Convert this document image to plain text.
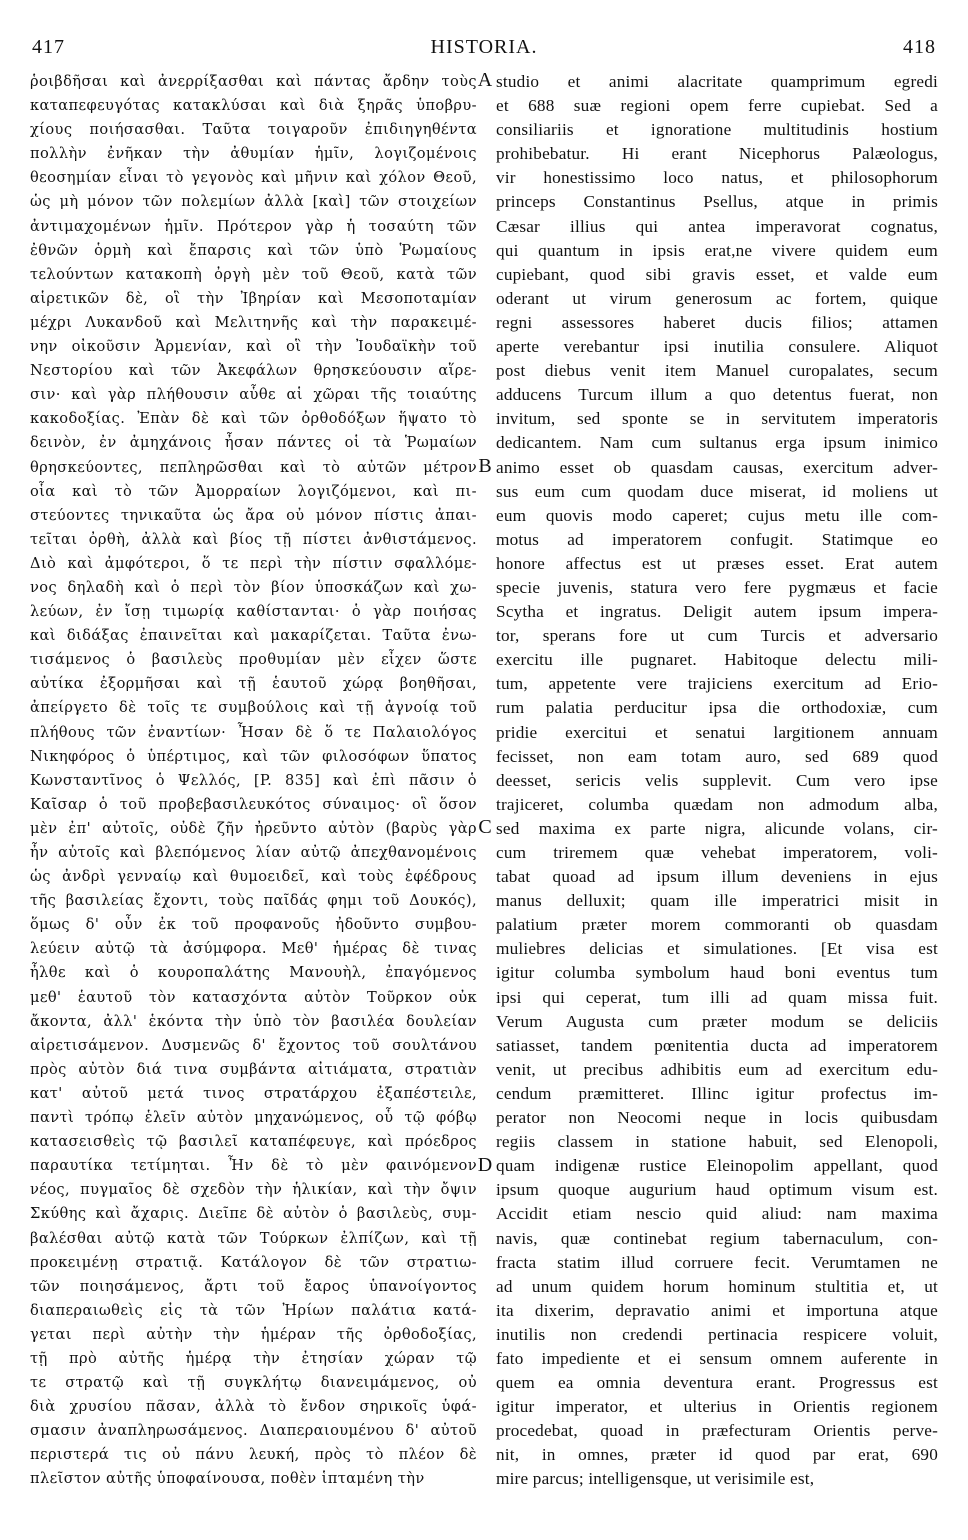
417	HISTORIA.	418
ῥοιβδῆσαι καὶ ἀνερρίξασθαι καὶ πάντας ἄρδην τοὺς
καταπεφευγότας κατακλύσαι καὶ διὰ ξηρᾶς ὑποβρυ-
χίους ποιήσασθαι. Ταῦτα τοιγαροῦν ἐπιδιηγηθέντα
πολλὴν ἐνῆκαν τὴν ἀθυμίαν ἡμῖν, λογιζομένοις
θεοσημίαν εἶναι τὸ γεγονὸς καὶ μῆνιν καὶ χόλον Θεοῦ,
ὡς μὴ μόνον τῶν πολεμίων ἀλλὰ [καὶ] τῶν στοιχείων
ἀντιμαχομένων ἡμῖν. Πρότερον γὰρ ἡ τοσαύτη τῶν
ἐθνῶν ὁρμὴ καὶ ἔπαρσις καὶ τῶν ὑπὸ Ῥωμαίους
τελούντων κατακοπὴ ὀργὴ μὲν τοῦ Θεοῦ, κατὰ τῶν
αἱρετικῶν δὲ, οἳ τὴν Ἰβηρίαν καὶ Μεσοποταμίαν
μέχρι Λυκανδοῦ καὶ Μελιτηνῆς καὶ τὴν παρακειμέ-
νην οἰκοῦσιν Ἀρμενίαν, καὶ οἳ τὴν Ἰουδαϊκὴν τοῦ
Νεστορίου καὶ τῶν Ἀκεφάλων θρησκεύουσιν αἵρε-
σιν· καὶ γὰρ πλήθουσιν αὗθε αἱ χῶραι τῆς τοιαύτης
κακοδοξίας. Ἐπὰν δὲ καὶ τῶν ὀρθοδόξων ἥψατο τὸ
δεινὸν, ἐν ἀμηχάνοις ἦσαν πάντες οἱ τὰ Ῥωμαίων
θρησκεύοντες, πεπληρῶσθαι καὶ τὸ αὐτῶν μέτρον
οἷα καὶ τὸ τῶν Ἀμορραίων λογιζόμενοι, καὶ πι-
στεύοντες τηνικαῦτα ὡς ἄρα οὐ μόνον πίστις ἀπαι-
τεῖται ὀρθὴ, ἀλλὰ καὶ βίος τῇ πίστει ἀνθιστάμενος.
Διὸ καὶ ἀμφότεροι, ὅ τε περὶ τὴν πίστιν σφαλλόμε-
νος δηλαδὴ καὶ ὁ περὶ τὸν βίον ὑποσκάζων καὶ χω-
λεύων, ἐν ἴσῃ τιμωρίᾳ καθίστανται· ὁ γὰρ ποιήσας
καὶ διδάξας ἐπαινεῖται καὶ μακαρίζεται. Ταῦτα ἐνω-
τισάμενος ὁ βασιλεὺς προθυμίαν μὲν εἶχεν ὥστε
αὐτίκα ἐξορμῆσαι καὶ τῇ ἑαυτοῦ χώρᾳ βοηθῆσαι,
ἀπείργετο δὲ τοῖς τε συμβούλοις καὶ τῇ ἀγνοίᾳ τοῦ
πλήθους τῶν ἐναντίων· Ἦσαν δὲ ὅ τε Παλαιολόγος
Νικηφόρος ὁ ὑπέρτιμος, καὶ τῶν φιλοσόφων ὕπατος
Κωνσταντῖνος ὁ Ψελλός, [P. 835] καὶ ἐπὶ πᾶσιν ὁ
Καῖσαρ ὁ τοῦ προβεβασιλευκότος σύναιμος· οἳ ὅσον
μὲν ἐπ' αὐτοῖς, οὐδὲ ζῆν ἠρεῦντο αὐτὸν (βαρὺς γὰρ
ἦν αὐτοῖς καὶ βλεπόμενος λίαν αὐτῷ ἀπεχθανομένοις
ὡς ἀνδρὶ γενναίῳ καὶ θυμοειδεῖ, καὶ τοὺς ἐφέδρους
τῆς βασιλείας ἔχοντι, τοὺς παῖδάς φημι τοῦ Δουκός),
ὅμως δ' οὖν ἐκ τοῦ προφανοῦς ἠδοῦντο συμβου-
λεύειν αὐτῷ τὰ ἀσύμφορα. Μεθ' ἡμέρας δὲ τινας
ἦλθε καὶ ὁ κουροπαλάτης Μανουὴλ, ἐπαγόμενος
μεθ' ἑαυτοῦ τὸν κατασχόντα αὐτὸν Τοῦρκον οὐκ
ἄκοντα, ἀλλ' ἑκόντα τὴν ὑπὸ τὸν βασιλέα δουλείαν
αἱρετισάμενον. Δυσμενῶς δ' ἔχοντος τοῦ σουλτάνου
πρὸς αὐτὸν διά τινα συμβάντα αἰτιάματα, στρατιὰν
κατ' αὐτοῦ μετά τινος στρατάρχου ἐξαπέστειλε,
παντὶ τρόπῳ ἑλεῖν αὐτὸν μηχανώμενος, οὗ τῷ φόβῳ
κατασεισθεὶς τῷ βασιλεῖ καταπέφευγε, καὶ πρόεδρος
παραυτίκα τετίμηται. Ἦν δὲ τὸ μὲν φαινόμενον
νέος, πυγμαῖος δὲ σχεδὸν τὴν ἡλικίαν, καὶ τὴν ὄψιν
Σκύθης καὶ ἄχαρις. Διεῖπε δὲ αὐτὸν ὁ βασιλεὺς, συμ-
βαλέσθαι αὐτῷ κατὰ τῶν Τούρκων ἐλπίζων, καὶ τῇ
προκειμένῃ στρατιᾷ. Κατάλογον δὲ τῶν στρατιω-
τῶν ποιησάμενος, ἄρτι τοῦ ἔαρος ὑπανοίγοντος
διαπεραιωθεὶς εἰς τὰ τῶν Ἠρίων παλάτια κατά-
γεται περὶ αὐτὴν τὴν ἡμέραν τῆς ὀρθοδοξίας,
τῇ πρὸ αὐτῆς ἡμέρᾳ τὴν ἐτησίαν χώραν τῷ
τε στρατῷ καὶ τῇ συγκλήτῳ διανειμάμενος, οὐ
διὰ χρυσίου πᾶσαν, ἀλλὰ τὸ ἔνδον σηρικοῖς ὑφά-
σμασιν ἀναπληρωσάμενος. Διαπεραιουμένου δ' αὐτοῦ
περιστερά τις οὐ πάνυ λευκή, πρὸς τὸ πλέον δὲ
πλεῖστον αὐτῆς ὑποφαίνουσα, ποθὲν ἱπταμένη τὴν
studio et animi alacritate quamprimum egredi
et 688 suæ regioni opem ferre cupiebat. Sed a
consiliariis et ignoratione multitudinis hostium
prohibebatur. Hi erant Nicephorus Palæologus,
vir honestissimo loco natus, et philosophorum
princeps Constantinus Psellus, atque in primis
Cæsar illius qui antea imperavorat cognatus,
qui quantum in ipsis erat,ne vivere quidem eum
cupiebant, quod sibi gravis esset, et valde eum
oderant ut virum generosum ac fortem, quique
regni assessores haberet ducis filios; attamen
aperte verebantur ipsi inutilia consulere. Aliquot
post diebus venit item Manuel curopalates, secum
adducens Turcum illum a quo detentus fuerat, non
invitum, sed sponte se in servitutem imperatoris
dedicantem. Nam cum sultanus erga ipsum inimico
animo esset ob quasdam causas, exercitum adver-
sus eum cum quodam duce miserat, id moliens ut
eum quovis modo caperet; cujus metu ille com-
motus ad imperatorem confugit. Statimque eo
honore affectus est ut præses esset. Erat autem
specie juvenis, statura vero fere pygmæus et facie
Scytha et ingratus. Deligit autem ipsum impera-
tor, sperans fore ut cum Turcis et adversario
exercitu ille pugnaret. Habitoque delectu mili-
tum, appetente vere trajiciens exercitum ad Erio-
rum palatia perducitur ipsa die orthodoxiæ, cum
pridie exercitui et senatui largitionem annuam
fecisset, non eam totam auro, sed 689 quod
deesset, sericis velis supplevit. Cum vero ipse
trajiceret, columba quædam non admodum alba,
sed maxima ex parte nigra, alicunde volans, cir-
cum triremem quæ vehebat imperatorem, voli-
tabat quoad ad ipsum illum deveniens in ejus
manus delluxit; quam ille imperatrici misit in
palatium præter morem commoranti ob quasdam
muliebres delicias et simulationes. [Et visa est
igitur columba symbolum haud boni eventus tum
ipsi qui ceperat, tum illi ad quam missa fuit.
Verum Augusta cum præter modum se deliciis
satiasset, tandem pœnitentia ducta ad imperatorem
venit, ut precibus adhibitis eum ad exercitum edu-
cendum præmitteret. Illinc igitur profectus im-
perator non Neocomi neque in locis quibusdam
regiis classem in statione habuit, sed Elenopoli,
quam indigenæ rustice Eleinopolim appellant, quod
ipsum quoque augurium haud optimum visum est.
Accidit etiam nescio quid aliud: nam maxima
navis, quæ continebat regium tabernaculum, con-
fracta statim illud corruere fecit. Verumtamen ne
ad unum quidem horum hominum stultitia et, ut
ita dixerim, depravatio animi et importuna atque
inutilis non credendi pertinacia respicere voluit,
fato impediente et ei sensum omnem auferente in
quem ea omnia deventura erant. Progressus est
igitur imperator, et ulterius in Orientis regionem
procedebat, quoad in præfecturam Orientis perve-
nit, in omnes, præter id quod par erat, 690
mire parcus; intelligensque, ut verisimile est,
A
B
C
D
